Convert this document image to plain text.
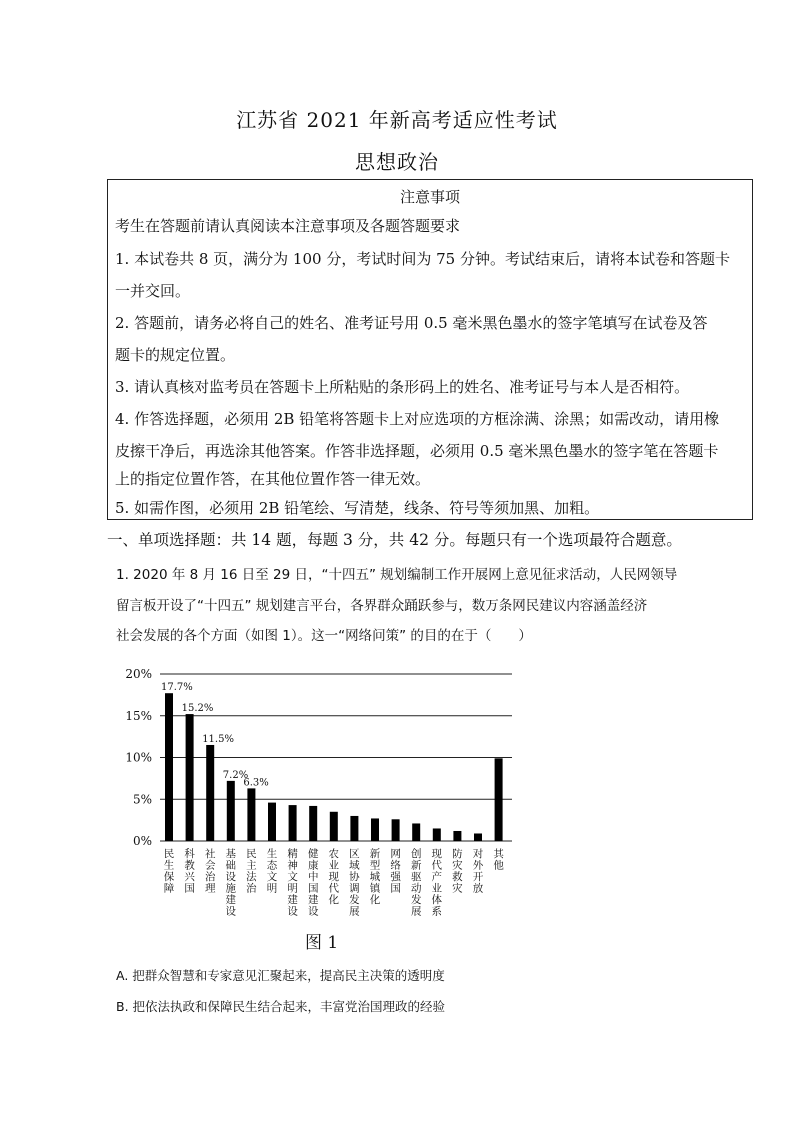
江苏省 2021 年新高考适应性考试
思想政治
注意事项
考生在答题前请认真阅读本注意事项及各题答题要求
1. 本试卷共 8 页，满分为 100 分，考试时间为 75 分钟。考试结束后，请将本试卷和答题卡
一并交回。
2. 答题前，请务必将自己的姓名、准考证号用 0.5 毫米黑色墨水的签字笔填写在试卷及答
题卡的规定位置。
3. 请认真核对监考员在答题卡上所粘贴的条形码上的姓名、准考证号与本人是否相符。
4. 作答选择题，必须用 2B 铅笔将答题卡上对应选项的方框涂满、涂黑；如需改动，请用橡
皮擦干净后，再选涂其他答案。作答非选择题，必须用 0.5 毫米黑色墨水的签字笔在答题卡
上的指定位置作答，在其他位置作答一律无效。
5. 如需作图，必须用 2B 铅笔绘、写清楚，线条、符号等须加黑、加粗。
一、单项选择题：共 14 题，每题 3 分，共 42 分。每题只有一个选项最符合题意。
1. 2020 年 8 月 16 日至 29 日，“十四五” 规划编制工作开展网上意见征求活动，人民网领导
留言板开设了“十四五” 规划建言平台，各界群众踊跃参与，数万条网民建议内容涵盖经济
社会发展的各个方面（如图 1）。这一“网络问策” 的目的在于（　　）
0%
5%
10%
15%
20%
17.7%
民生保障
15.2%
科教兴国
11.5%
社会治理
7.2%
基础设施建设
6.3%
民主法治
生态文明
精神文明建设
健康中国建设
农业现代化
区域协调发展
新型城镇化
网络强国
创新驱动发展
现代产业体系
防灾救灾
对外开放
其他
图 1
A. 把群众智慧和专家意见汇聚起来，提高民主决策的透明度
B. 把依法执政和保障民生结合起来，丰富党治国理政的经验
